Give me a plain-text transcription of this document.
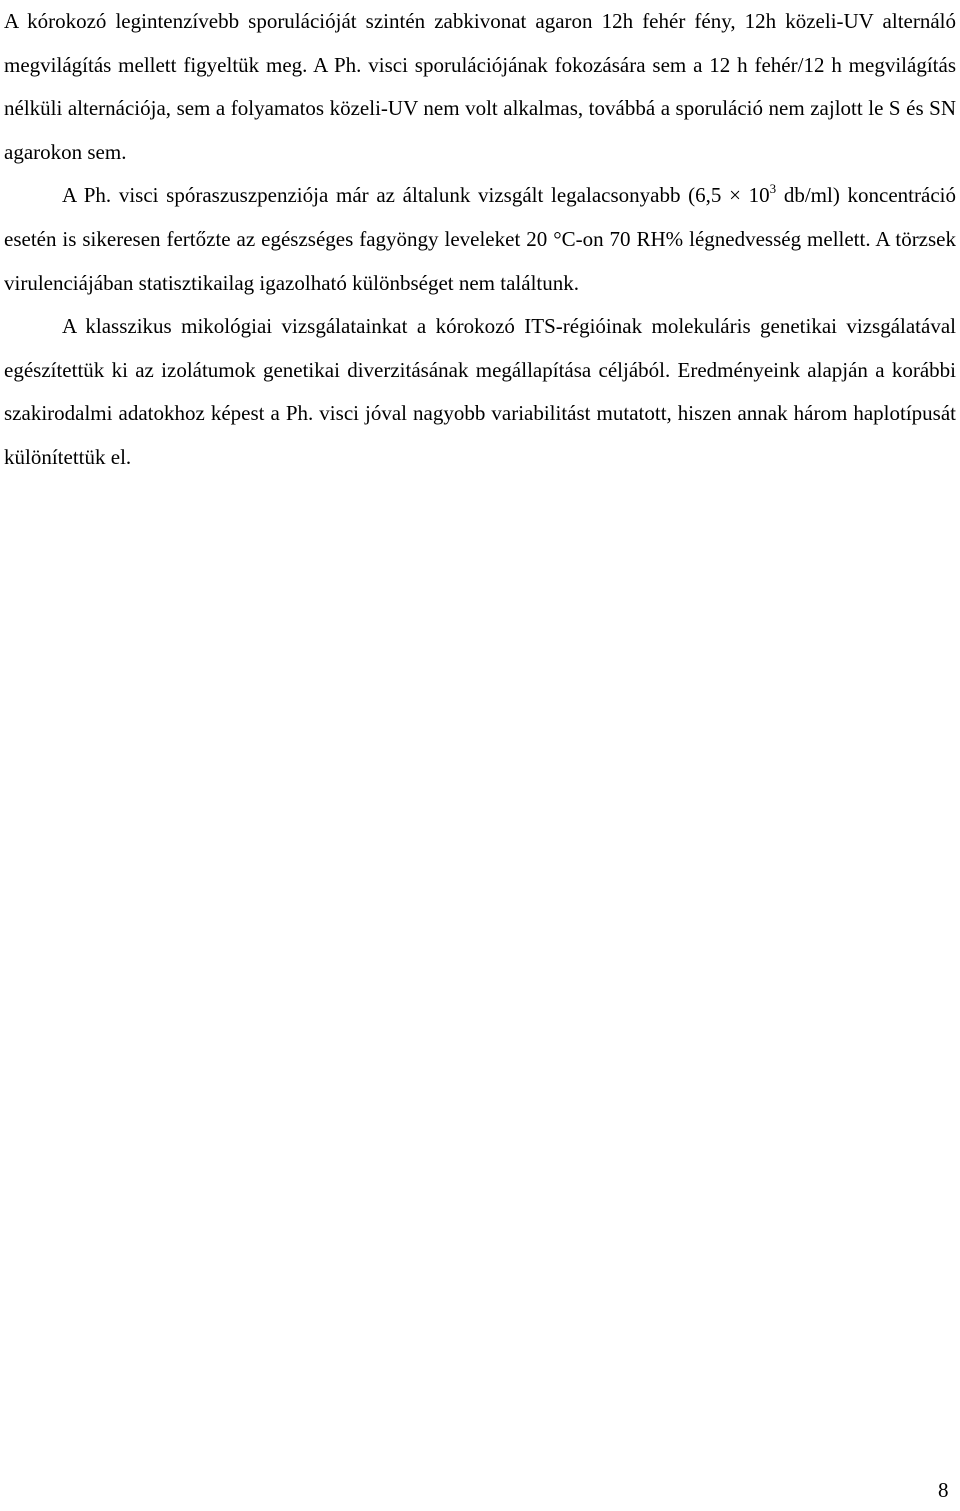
A kórokozó legintenzívebb sporulációját szintén zabkivonat agaron 12h fehér fény, 12h közeli-UV alternáló megvilágítás mellett figyeltük meg. A Ph. visci sporulációjának fokozására sem a 12 h fehér/12 h megvilágítás nélküli alternációja, sem a folyamatos közeli-UV nem volt alkalmas, továbbá a sporuláció nem zajlott le S és SN agarokon sem.

A Ph. visci spóraszuszpenziója már az általunk vizsgált legalacsonyabb ($6,5 \times 10^3$ db/ml) koncentráció esetén is sikeresen fertőzte az egészséges fagyöngy leveleket 20 °C-on 70 RH% légnedvesség mellett. A törzsek virulenciájában statisztikailag igazolható különbséget nem találtunk.

A klasszikus mikológiai vizsgálatainkat a kórokozó ITS-régióinak molekuláris genetikai vizsgálatával egészítettük ki az izolátumok genetikai diverzitásának megállapítása céljából. Eredményeink alapján a korábbi szakirodalmi adatokhoz képest a Ph. visci jóval nagyobb variabilitást mutatott, hiszen annak három haplotípusát különítettük el.

8
